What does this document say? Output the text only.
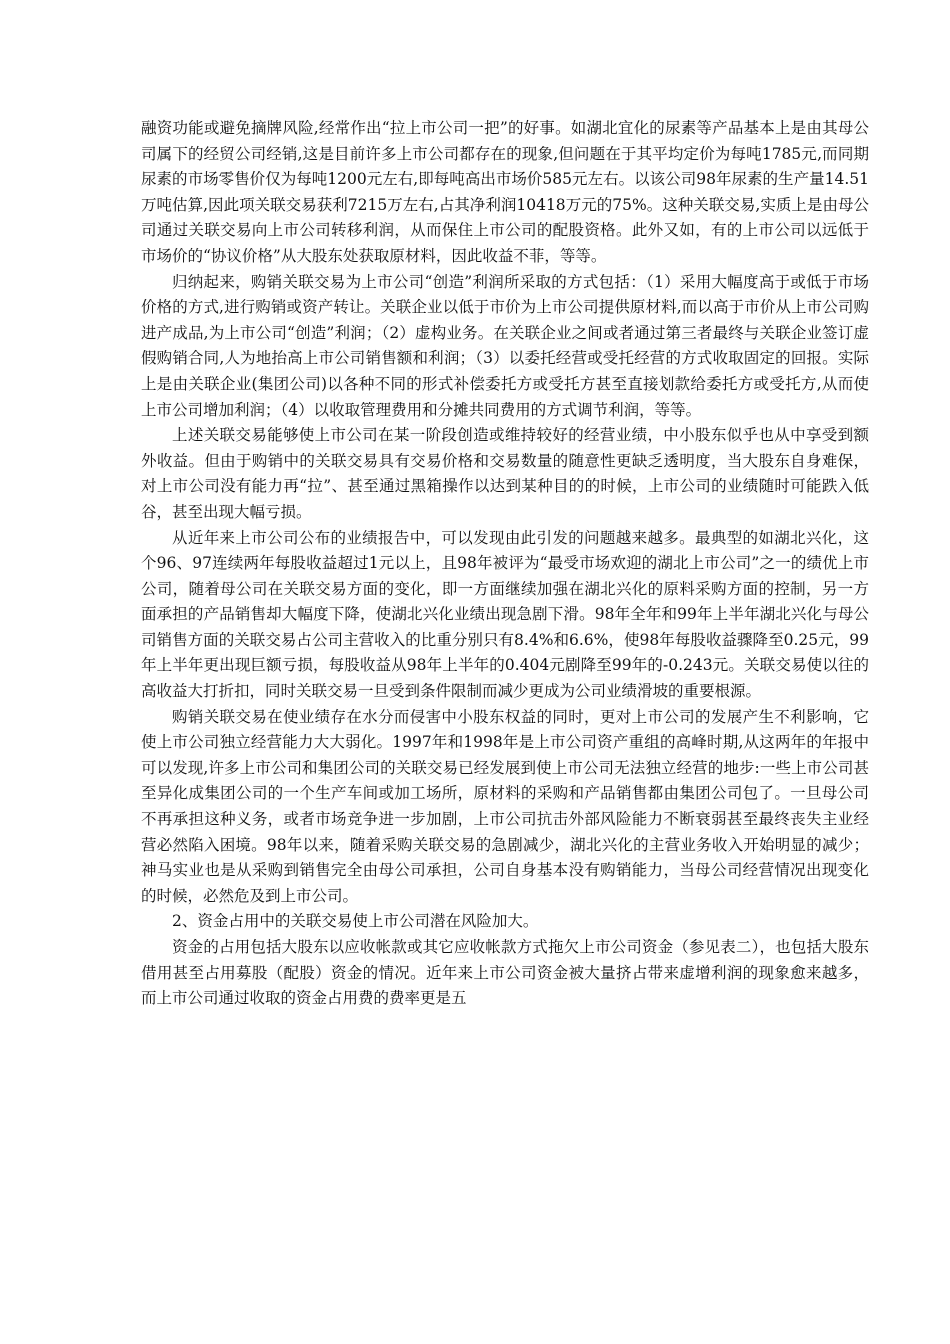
融资功能或避免摘牌风险,经常作出“拉上市公司一把”的好事。如湖北宜化的尿素等产品基本上是由其母公司属下的经贸公司经销,这是目前许多上市公司都存在的现象,但问题在于其平均定价为每吨1785元,而同期尿素的市场零售价仅为每吨1200元左右,即每吨高出市场价585元左右。以该公司98年尿素的生产量14.51万吨估算,因此项关联交易获利7215万左右,占其净利润10418万元的75%。这种关联交易,实质上是由母公司通过关联交易向上市公司转移利润，从而保住上市公司的配股资格。此外又如，有的上市公司以远低于市场价的“协议价格”从大股东处获取原材料，因此收益不菲，等等。

归纳起来，购销关联交易为上市公司“创造”利润所采取的方式包括：（1）采用大幅度高于或低于市场价格的方式,进行购销或资产转让。关联企业以低于市价为上市公司提供原材料,而以高于市价从上市公司购进产成品,为上市公司“创造”利润；（2）虚构业务。在关联企业之间或者通过第三者最终与关联企业签订虚假购销合同,人为地抬高上市公司销售额和利润；（3）以委托经营或受托经营的方式收取固定的回报。实际上是由关联企业(集团公司)以各种不同的形式补偿委托方或受托方甚至直接划款给委托方或受托方,从而使上市公司增加利润；（4）以收取管理费用和分摊共同费用的方式调节利润，等等。

上述关联交易能够使上市公司在某一阶段创造或维持较好的经营业绩，中小股东似乎也从中享受到额外收益。但由于购销中的关联交易具有交易价格和交易数量的随意性更缺乏透明度，当大股东自身难保，对上市公司没有能力再“拉”、甚至通过黑箱操作以达到某种目的的时候，上市公司的业绩随时可能跌入低谷，甚至出现大幅亏损。

从近年来上市公司公布的业绩报告中，可以发现由此引发的问题越来越多。最典型的如湖北兴化，这个96、97连续两年每股收益超过1元以上，且98年被评为“最受市场欢迎的湖北上市公司”之一的绩优上市公司，随着母公司在关联交易方面的变化，即一方面继续加强在湖北兴化的原料采购方面的控制，另一方面承担的产品销售却大幅度下降，使湖北兴化业绩出现急剧下滑。98年全年和99年上半年湖北兴化与母公司销售方面的关联交易占公司主营收入的比重分别只有8.4%和6.6%，使98年每股收益骤降至0.25元，99年上半年更出现巨额亏损，每股收益从98年上半年的0.404元剧降至99年的-0.243元。关联交易使以往的高收益大打折扣，同时关联交易一旦受到条件限制而减少更成为公司业绩滑坡的重要根源。

购销关联交易在使业绩存在水分而侵害中小股东权益的同时，更对上市公司的发展产生不利影响，它使上市公司独立经营能力大大弱化。1997年和1998年是上市公司资产重组的高峰时期,从这两年的年报中可以发现,许多上市公司和集团公司的关联交易已经发展到使上市公司无法独立经营的地步:一些上市公司甚至异化成集团公司的一个生产车间或加工场所，原材料的采购和产品销售都由集团公司包了。一旦母公司不再承担这种义务，或者市场竞争进一步加剧，上市公司抗击外部风险能力不断衰弱甚至最终丧失主业经营必然陷入困境。98年以来，随着采购关联交易的急剧减少，湖北兴化的主营业务收入开始明显的减少；神马实业也是从采购到销售完全由母公司承担，公司自身基本没有购销能力，当母公司经营情况出现变化的时候，必然危及到上市公司。

2、资金占用中的关联交易使上市公司潜在风险加大。

资金的占用包括大股东以应收帐款或其它应收帐款方式拖欠上市公司资金（参见表二），也包括大股东借用甚至占用募股（配股）资金的情况。近年来上市公司资金被大量挤占带来虚增利润的现象愈来越多，而上市公司通过收取的资金占用费的费率更是五
